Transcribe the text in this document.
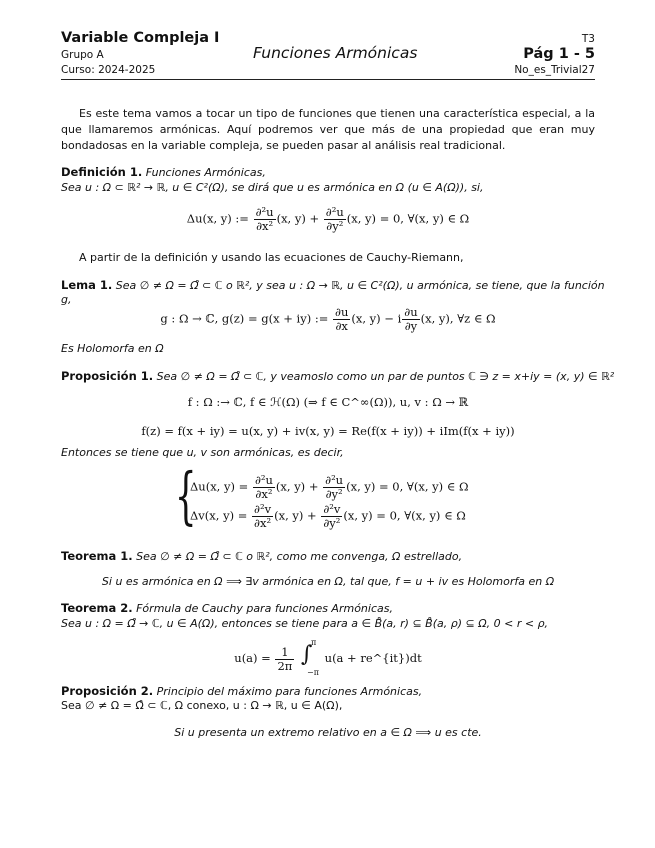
Variable Compleja I
Grupo A
Curso: 2024-2025
Funciones Armónicas
T3
Pág 1 - 5
No_es_Trivial27
Es este tema vamos a tocar un tipo de funciones que tienen una característica especial, a la que llamaremos armónicas. Aquí podremos ver que más de una propiedad que eran muy bondadosas en la variable compleja, se pueden pasar al análisis real tradicional.
Definición 1. Funciones Armónicas,
Sea u : Ω ⊂ ℝ² → ℝ, u ∈ C²(Ω), se dirá que u es armónica en Ω (u ∈ A(Ω)), si,
Δu(x, y) := $\frac{\text{∂²u}}{\text{∂x²}} (x$, $y) + \frac{\text{∂²u}}{\text{∂y²}} (x$, y) = 0, ∀(x, y) ∈ Ω
A partir de la definición y usando las ecuaciones de Cauchy-Riemann,
Lema 1. Sea ∅ ≠ Ω = Ω̊ ⊂ ℂ o ℝ², y sea u : Ω → ℝ, u ∈ C²(Ω), u armónica, se tiene, que la función
g,
g : Ω → ℂ, g(z) = g(x + iy) := $\frac{\partial u}{\partial x} (x$, y) − i $\frac{\partial u}{\partial y} (x$, y), ∀z ∈ Ω
Es Holomorfa en Ω
Proposición 1. Sea ∅ ≠ Ω = Ω̊ ⊂ ℂ, y veamoslo como un par de puntos ℂ ∋ z = x+iy = (x, y) ∈ ℝ²
f : Ω :→ ℂ, f ∈ ℋ(Ω) (⇒ f ∈ C^∞(Ω)), u, v : Ω → ℝ
f(z) = f(x + iy) = u(x, y) + iv(x, y) = Re(f(x + iy)) + iIm(f(x + iy))
Entonces se tiene que u, v son armónicas, es decir,
{
Δu(x, $y) = \frac{\text{∂²u}}{\text{∂x²}} (x$, $y) + \frac{\text{∂²u}}{\text{∂y²}} (x$, y) = 0, ∀(x, y) ∈ Ω
Δv(x, $y) = \frac{\text{∂²v}}{\text{∂x²}} (x$, $y) + \frac{\text{∂²v}}{\text{∂y²}} (x$, y) = 0, ∀(x, y) ∈ Ω
Teorema 1. Sea ∅ ≠ Ω = Ω̊ ⊂ ℂ o ℝ², como me convenga, Ω estrellado,
Si u es armónica en Ω ⟹ ∃v armónica en Ω, tal que, f = u + iv es Holomorfa en Ω
Teorema 2. Fórmula de Cauchy para funciones Armónicas,
Sea u : Ω = Ω̊ → ℂ, u ∈ A(Ω), entonces se tiene para a ∈ B̊(a, r) ⊆ B̊(a, ρ) ⊆ Ω, 0 < r < ρ,
$u(a) = \frac{1}{2\pi}$
∫
π
−π
u(a + re^{it})dt
Proposición 2. Principio del máximo para funciones Armónicas,
Sea ∅ ≠ Ω = Ω̊ ⊂ ℂ, Ω conexo, u : Ω → ℝ, u ∈ A(Ω),
Si u presenta un extremo relativo en a ∈ Ω ⟹ u es cte.
